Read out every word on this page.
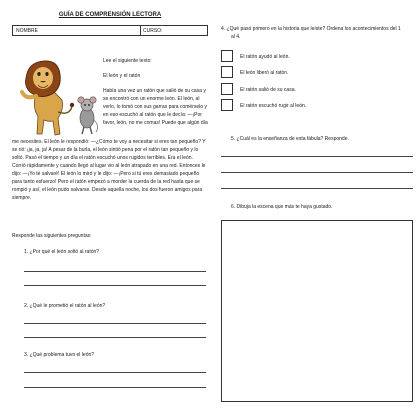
GUÍA DE COMPRENSIÓN LECTORA
NOMBRE	CURSO:
Lee el siguiente texto:
El león y el ratón
Había una vez un ratón que salió de su casa y
se encontró con un enorme león. El león, al
verlo, lo tomó con sus garras para comérselo y
en eso escuchó al ratón que le decía: —¡Por
favor, león, no me comas! Puede que algún día
me necesites. El león le respondió: —¿Cómo te voy a necesitar si eres tan pequeño? Y
se rió: ¡ja, ja, ja! A pesar de la burla, el león sintió pena por el ratón tan pequeño y lo
soltó. Pasó el tiempo y un día el ratón escuchó unos rugidos terribles. Era el león.
Corrió rápidamente y cuando llegó al lugar vio al león atrapado en una red. Entonces le
dijo: —¡Yo te salvaré! El león lo miró y le dijo: —¡Pero si tú eres demasiado pequeño
para tanto esfuerzo! Pero el ratón empezó a morder la cuerda de la red hasta que se
rompió y así, el león pudo salvarse. Desde aquella noche, los dos fueron amigos para
siempre.
Responde las siguientes preguntas:
1. ¿Por qué el león soltó al ratón?
2. ¿Qué le prometió el ratón al león?
3. ¿Qué problema tuvo el león?
4. ¿Qué pasó primero en la historia que leíste? Ordena los acontecimientos del 1
al 4.
El ratón ayudó al león.
El león liberó al ratón.
El ratón salió de su casa.
El ratón escuchó rugir al león.
5. ¿Cuál es la enseñanza de esta fábula? Responde.
6. Dibuja la escena que más te haya gustado.
